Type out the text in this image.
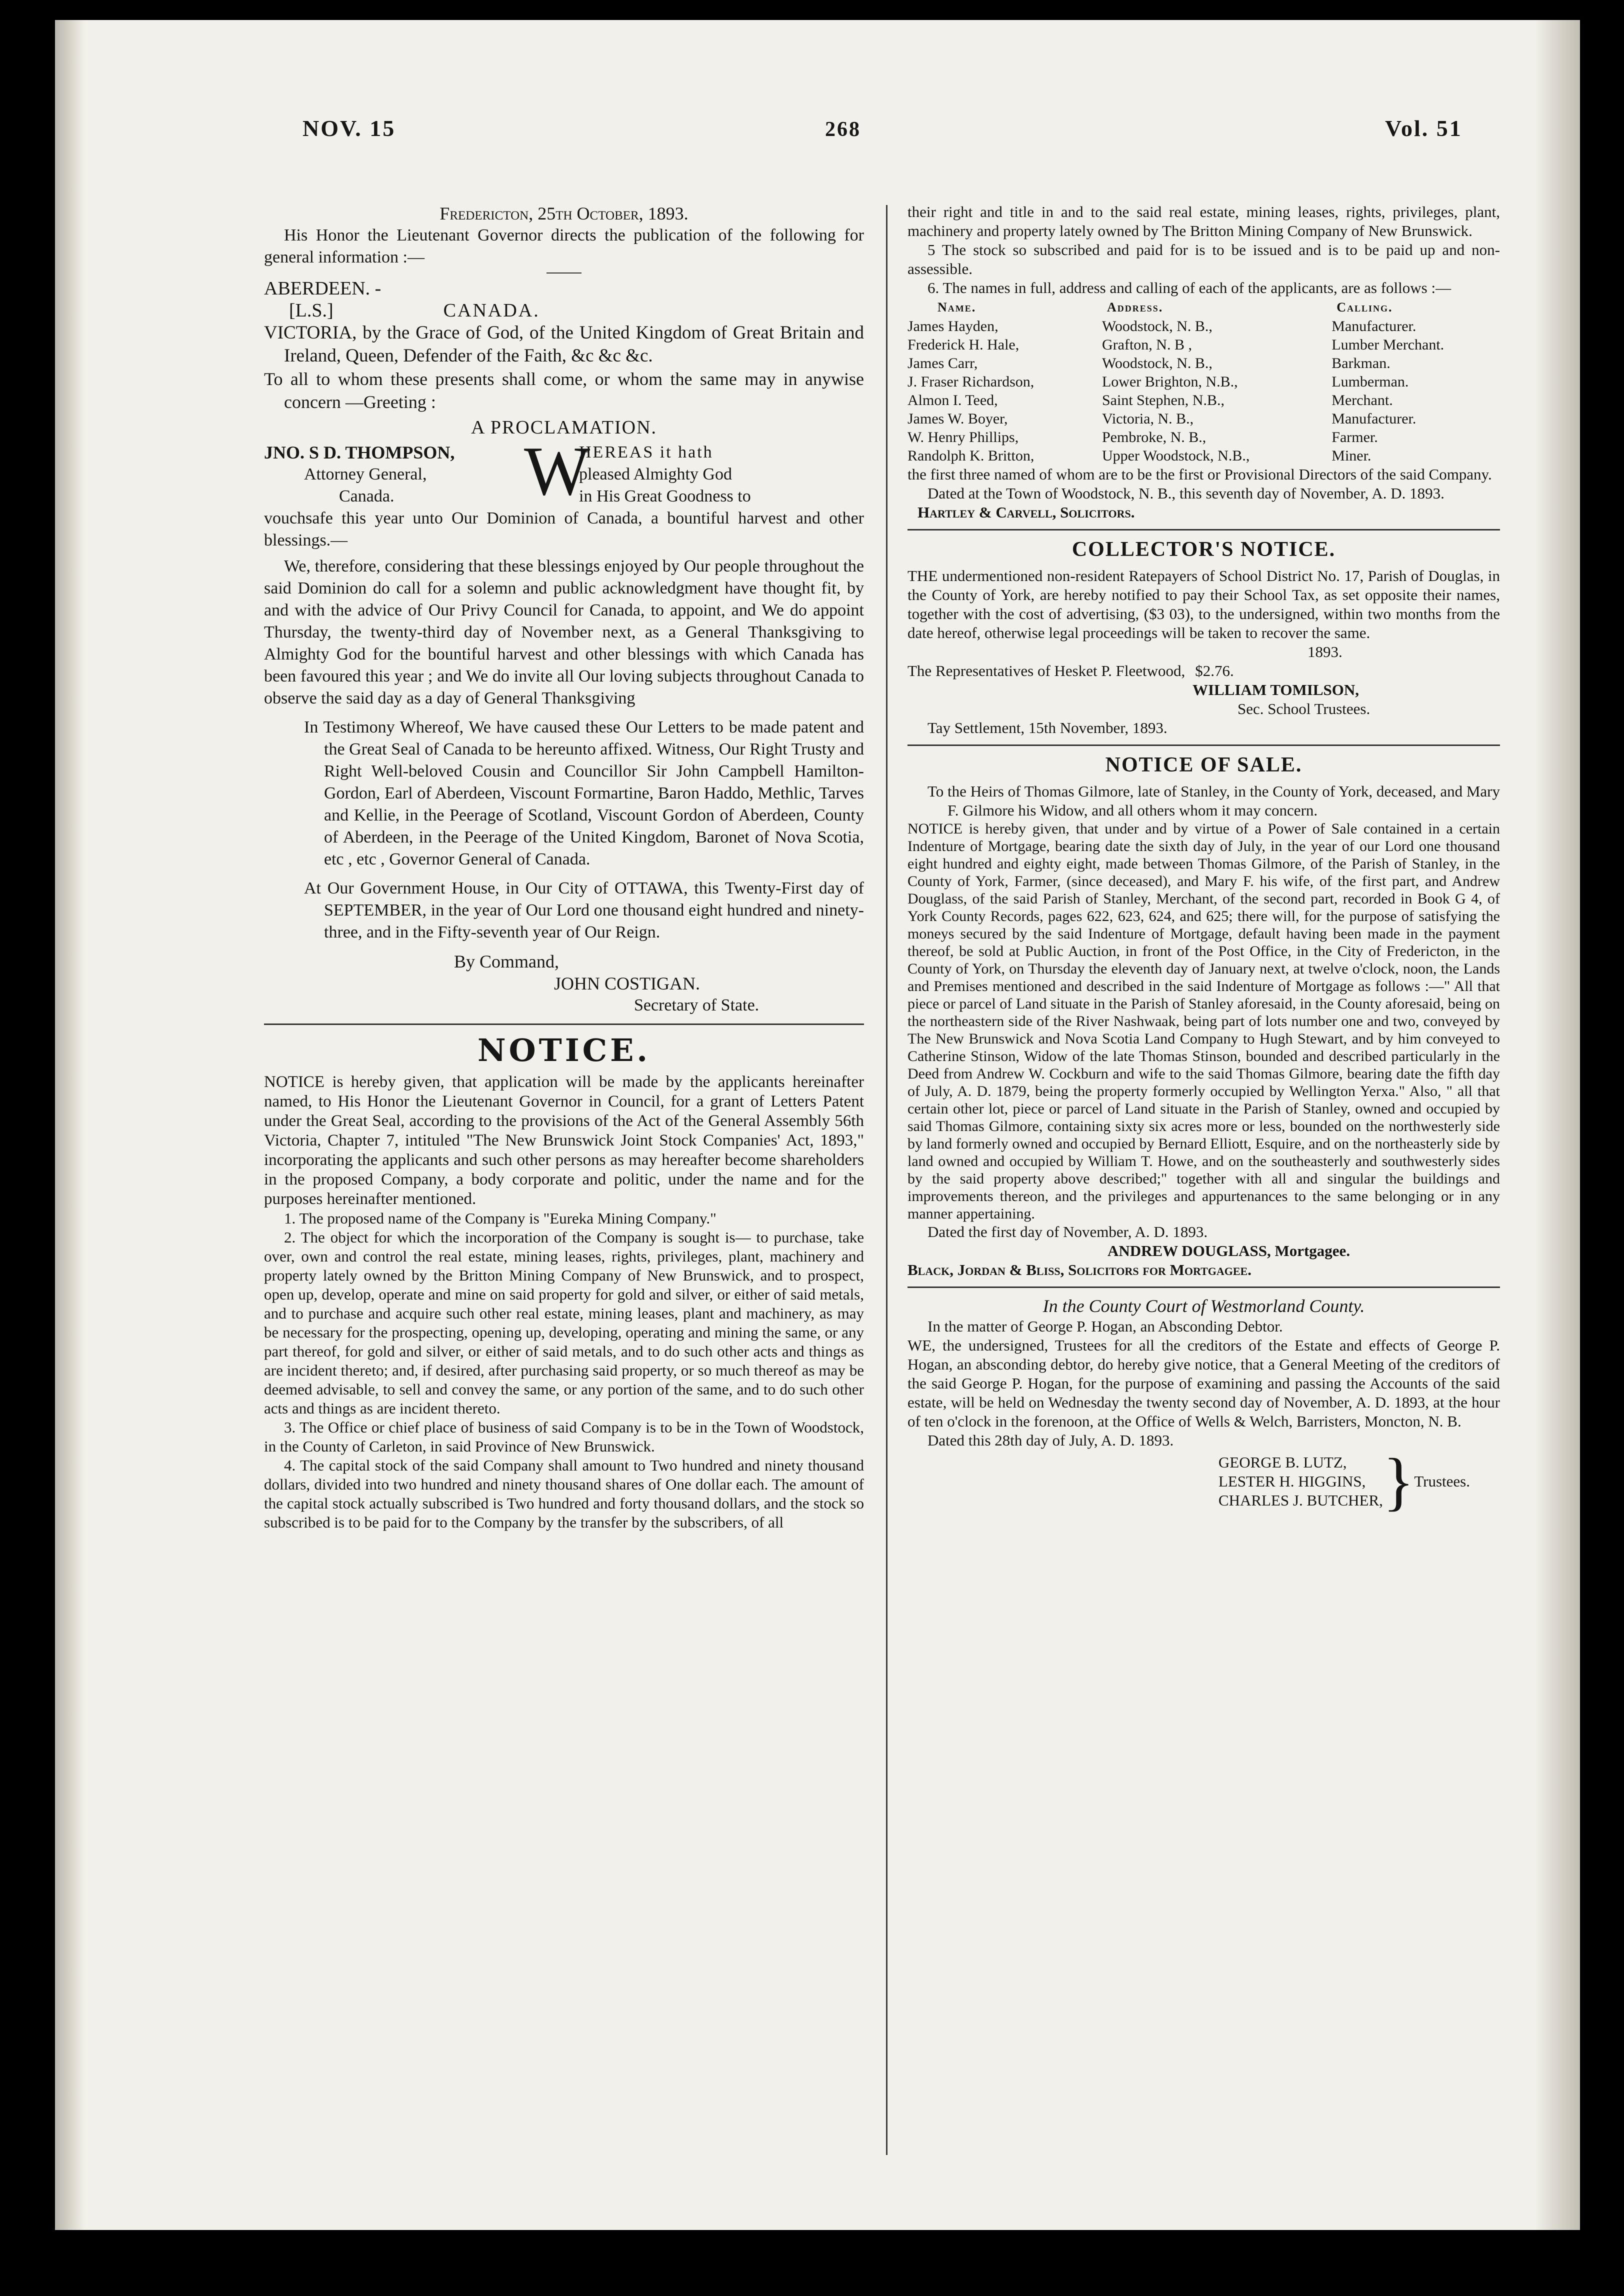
NOV. 15	268	Vol. 51

Fredericton, 25th October, 1893.

His Honor the Lieutenant Governor directs the publication of the following for general information :—

ABERDEEN. -

[L.S.]	CANADA.

VICTORIA, by the Grace of God, of the United Kingdom of Great Britain and Ireland, Queen, Defender of the Faith, &c &c &c.

To all to whom these presents shall come, or whom the same may in anywise concern —Greeting :

A PROCLAMATION.

JNO. S D. THOMPSON,

Attorney General,

Canada.	W

HEREAS it hath

pleased Almighty God

in His Great Goodness to

vouchsafe this year unto Our Dominion of Canada, a bountiful harvest and other blessings.—

We, therefore, considering that these blessings enjoyed by Our people throughout the said Dominion do call for a solemn and public acknowledgment have thought fit, by and with the advice of Our Privy Council for Canada, to appoint, and We do appoint Thursday, the twenty-third day of November next, as a General Thanksgiving to Almighty God for the bountiful harvest and other blessings with which Canada has been favoured this year ; and We do invite all Our loving subjects throughout Canada to observe the said day as a day of General Thanksgiving

In Testimony Whereof, We have caused these Our Letters to be made patent and the Great Seal of Canada to be hereunto affixed. Witness, Our Right Trusty and Right Well-beloved Cousin and Councillor Sir John Campbell Hamilton-Gordon, Earl of Aberdeen, Viscount Formartine, Baron Haddo, Methlic, Tarves and Kellie, in the Peerage of Scotland, Viscount Gordon of Aberdeen, County of Aberdeen, in the Peerage of the United Kingdom, Baronet of Nova Scotia, etc , etc , Governor General of Canada.

At Our Government House, in Our City of OTTAWA, this Twenty-First day of SEPTEMBER, in the year of Our Lord one thousand eight hundred and ninety-three, and in the Fifty-seventh year of Our Reign.

By Command,

JOHN COSTIGAN.

Secretary of State.

NOTICE.

NOTICE is hereby given, that application will be made by the applicants hereinafter named, to His Honor the Lieutenant Governor in Council, for a grant of Letters Patent under the Great Seal, according to the provisions of the Act of the General Assembly 56th Victoria, Chapter 7, intituled "The New Brunswick Joint Stock Companies' Act, 1893," incorporating the applicants and such other persons as may hereafter become shareholders in the proposed Company, a body corporate and politic, under the name and for the purposes hereinafter mentioned.

1. The proposed name of the Company is "Eureka Mining Company."

2. The object for which the incorporation of the Company is sought is— to purchase, take over, own and control the real estate, mining leases, rights, privileges, plant, machinery and property lately owned by the Britton Mining Company of New Brunswick, and to prospect, open up, develop, operate and mine on said property for gold and silver, or either of said metals, and to purchase and acquire such other real estate, mining leases, plant and machinery, as may be necessary for the prospecting, opening up, developing, operating and mining the same, or any part thereof, for gold and silver, or either of said metals, and to do such other acts and things as are incident thereto; and, if desired, after purchasing said property, or so much thereof as may be deemed advisable, to sell and convey the same, or any portion of the same, and to do such other acts and things as are incident thereto.

3. The Office or chief place of business of said Company is to be in the Town of Woodstock, in the County of Carleton, in said Province of New Brunswick.

4. The capital stock of the said Company shall amount to Two hundred and ninety thousand dollars, divided into two hundred and ninety thousand shares of One dollar each. The amount of the capital stock actually subscribed is Two hundred and forty thousand dollars, and the stock so subscribed is to be paid for to the Company by the transfer by the subscribers, of all

their right and title in and to the said real estate, mining leases, rights, privileges, plant, machinery and property lately owned by The Britton Mining Company of New Brunswick.

5 The stock so subscribed and paid for is to be issued and is to be paid up and non-assessible.

6. The names in full, address and calling of each of the applicants, are as follows :—

Name.	Address.	Calling.
James Hayden,	Woodstock, N. B.,	Manufacturer.
Frederick H. Hale,	Grafton, N. B ,	Lumber Merchant.
James Carr,	Woodstock, N. B.,	Barkman.
J. Fraser Richardson,	Lower Brighton, N.B.,	Lumberman.
Almon I. Teed,	Saint Stephen, N.B.,	Merchant.
James W. Boyer,	Victoria, N. B.,	Manufacturer.
W. Henry Phillips,	Pembroke, N. B.,	Farmer.
Randolph K. Britton,	Upper Woodstock, N.B.,	Miner.

the first three named of whom are to be the first or Provisional Directors of the said Company.

Dated at the Town of Woodstock, N. B., this seventh day of November, A. D. 1893.

Hartley & Carvell, Solicitors.

COLLECTOR'S NOTICE.

THE undermentioned non-resident Ratepayers of School District No. 17, Parish of Douglas, in the County of York, are hereby notified to pay their School Tax, as set opposite their names, together with the cost of advertising, ($3 03), to the undersigned, within two months from the date hereof, otherwise legal proceedings will be taken to recover the same.

1893.

The Representatives of Hesket P. Fleetwood, $2.76.

WILLIAM TOMILSON,

Sec. School Trustees.

Tay Settlement, 15th November, 1893.

NOTICE OF SALE.

To the Heirs of Thomas Gilmore, late of Stanley, in the County of York, deceased, and Mary F. Gilmore his Widow, and all others whom it may concern.

NOTICE is hereby given, that under and by virtue of a Power of Sale contained in a certain Indenture of Mortgage, bearing date the sixth day of July, in the year of our Lord one thousand eight hundred and eighty eight, made between Thomas Gilmore, of the Parish of Stanley, in the County of York, Farmer, (since deceased), and Mary F. his wife, of the first part, and Andrew Douglass, of the said Parish of Stanley, Merchant, of the second part, recorded in Book G 4, of York County Records, pages 622, 623, 624, and 625; there will, for the purpose of satisfying the moneys secured by the said Indenture of Mortgage, default having been made in the payment thereof, be sold at Public Auction, in front of the Post Office, in the City of Fredericton, in the County of York, on Thursday the eleventh day of January next, at twelve o'clock, noon, the Lands and Premises mentioned and described in the said Indenture of Mortgage as follows :—" All that piece or parcel of Land situate in the Parish of Stanley aforesaid, in the County aforesaid, being on the northeastern side of the River Nashwaak, being part of lots number one and two, conveyed by The New Brunswick and Nova Scotia Land Company to Hugh Stewart, and by him conveyed to Catherine Stinson, Widow of the late Thomas Stinson, bounded and described particularly in the Deed from Andrew W. Cockburn and wife to the said Thomas Gilmore, bearing date the fifth day of July, A. D. 1879, being the property formerly occupied by Wellington Yerxa." Also, " all that certain other lot, piece or parcel of Land situate in the Parish of Stanley, owned and occupied by said Thomas Gilmore, containing sixty six acres more or less, bounded on the northwesterly side by land formerly owned and occupied by Bernard Elliott, Esquire, and on the northeasterly side by land owned and occupied by William T. Howe, and on the southeasterly and southwesterly sides by the said property above described;" together with all and singular the buildings and improvements thereon, and the privileges and appurtenances to the same belonging or in any manner appertaining.

Dated the first day of November, A. D. 1893.

ANDREW DOUGLASS, Mortgagee.

Black, Jordan & Bliss, Solicitors for Mortgagee.

In the County Court of Westmorland County.

In the matter of George P. Hogan, an Absconding Debtor.

WE, the undersigned, Trustees for all the creditors of the Estate and effects of George P. Hogan, an absconding debtor, do hereby give notice, that a General Meeting of the creditors of the said George P. Hogan, for the purpose of examining and passing the Accounts of the said estate, will be held on Wednesday the twenty second day of November, A. D. 1893, at the hour of ten o'clock in the forenoon, at the Office of Wells & Welch, Barristers, Moncton, N. B.

Dated this 28th day of July, A. D. 1893.

GEORGE B. LUTZ,

LESTER H. HIGGINS,

CHARLES J. BUTCHER, } Trustees.
